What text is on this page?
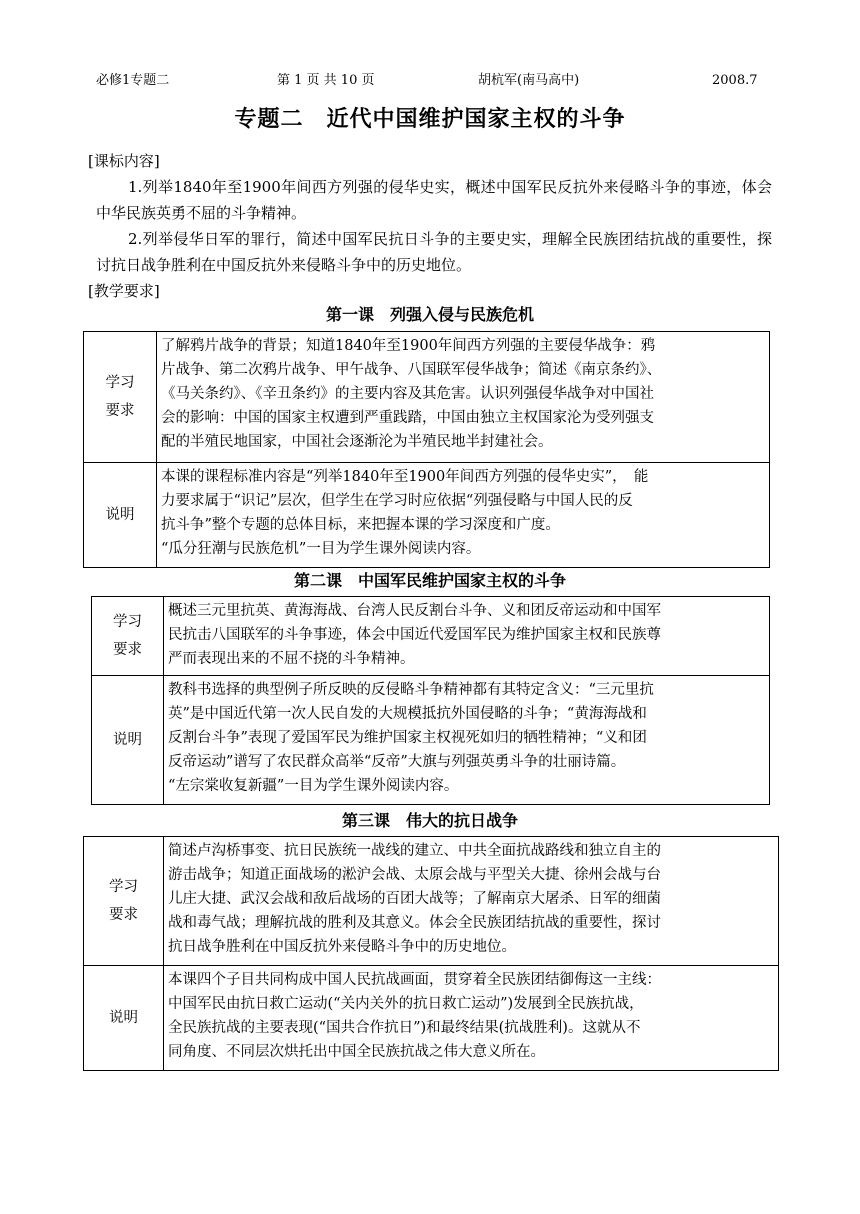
必修1专题二	第 1 页 共 10 页	胡杭军(南马高中)	2008.7
专题二　近代中国维护国家主权的斗争
[课标内容]
1.列举1840年至1900年间西方列强的侵华史实，概述中国军民反抗外来侵略斗争的事迹，体会中华民族英勇不屈的斗争精神。
2.列举侵华日军的罪行，简述中国军民抗日斗争的主要史实，理解全民族团结抗战的重要性，探讨抗日战争胜利在中国反抗外来侵略斗争中的历史地位。
[教学要求]
第一课　列强入侵与民族危机
学习
要求	了解鸦片战争的背景；知道1840年至1900年间西方列强的主要侵华战争：鸦
片战争、第二次鸦片战争、甲午战争、八国联军侵华战争；简述《南京条约》、
《马关条约》、《辛丑条约》的主要内容及其危害。认识列强侵华战争对中国社
会的影响：中国的国家主权遭到严重践踏，中国由独立主权国家沦为受列强支
配的半殖民地国家，中国社会逐渐沦为半殖民地半封建社会。

说明	本课的课程标准内容是“列举1840年至1900年间西方列强的侵华史实”，　能
力要求属于“识记”层次，但学生在学习时应依据“列强侵略与中国人民的反
抗斗争”整个专题的总体目标，来把握本课的学习深度和广度。
“瓜分狂潮与民族危机”一目为学生课外阅读内容。
第二课　中国军民维护国家主权的斗争
学习
要求	概述三元里抗英、黄海海战、台湾人民反割台斗争、义和团反帝运动和中国军
民抗击八国联军的斗争事迹，体会中国近代爱国军民为维护国家主权和民族尊
严而表现出来的不屈不挠的斗争精神。

说明	教科书选择的典型例子所反映的反侵略斗争精神都有其特定含义：“三元里抗
英”是中国近代第一次人民自发的大规模抵抗外国侵略的斗争；“黄海海战和
反割台斗争”表现了爱国军民为维护国家主权视死如归的牺牲精神；“义和团
反帝运动”谱写了农民群众高举“反帝”大旗与列强英勇斗争的壮丽诗篇。
“左宗棠收复新疆”一目为学生课外阅读内容。
第三课　伟大的抗日战争
学习
要求	简述卢沟桥事变、抗日民族统一战线的建立、中共全面抗战路线和独立自主的
游击战争；知道正面战场的淞沪会战、太原会战与平型关大捷、徐州会战与台
儿庄大捷、武汉会战和敌后战场的百团大战等；了解南京大屠杀、日军的细菌
战和毒气战；理解抗战的胜利及其意义。体会全民族团结抗战的重要性，探讨
抗日战争胜利在中国反抗外来侵略斗争中的历史地位。

说明	本课四个子目共同构成中国人民抗战画面，贯穿着全民族团结御侮这一主线：
中国军民由抗日救亡运动(“关内关外的抗日救亡运动”)发展到全民族抗战，
全民族抗战的主要表现(“国共合作抗日”)和最终结果(抗战胜利)。这就从不
同角度、不同层次烘托出中国全民族抗战之伟大意义所在。
